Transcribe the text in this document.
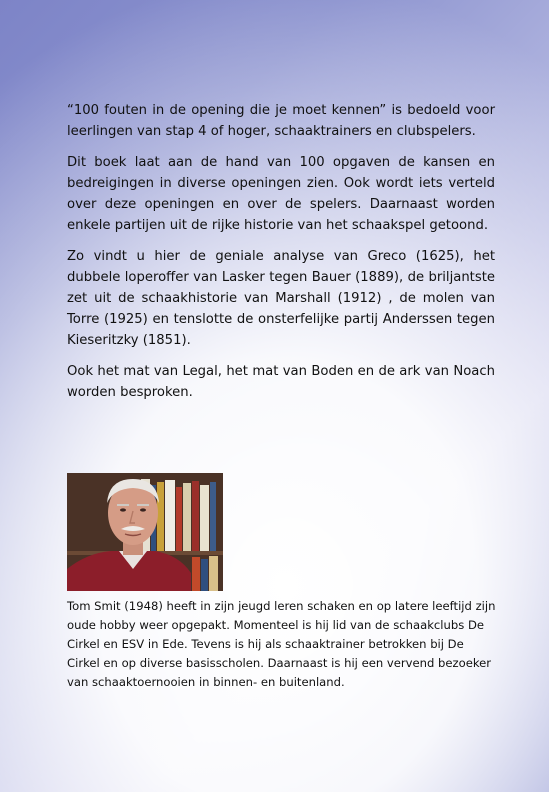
“100 fouten in de opening die je moet kennen” is bedoeld voor leerlingen van stap 4 of hoger, schaaktrainers en clubspelers.

Dit boek laat aan de hand van 100 opgaven de kansen en bedreigingen in diverse openingen zien. Ook wordt iets verteld over deze openingen en over de spelers. Daarnaast worden enkele partijen uit de rijke historie van het schaakspel getoond.

Zo vindt u hier de geniale analyse van Greco (1625), het dubbele loperoffer van Lasker tegen Bauer (1889), de briljantste zet uit de schaakhistorie van Marshall (1912) , de molen van Torre (1925) en tenslotte de onsterfelijke partij Anderssen tegen Kieseritzky (1851).

Ook het mat van Legal, het mat van Boden en de ark van Noach worden besproken.

Tom Smit (1948) heeft in zijn jeugd leren schaken en op latere leeftijd zijn oude hobby weer opgepakt. Momenteel is hij lid van de schaakclubs De Cirkel en ESV in Ede. Tevens is hij als schaaktrainer betrokken bij De Cirkel en op diverse basisscholen. Daarnaast is hij een vervend bezoeker van schaaktoernooien in binnen- en buitenland.
